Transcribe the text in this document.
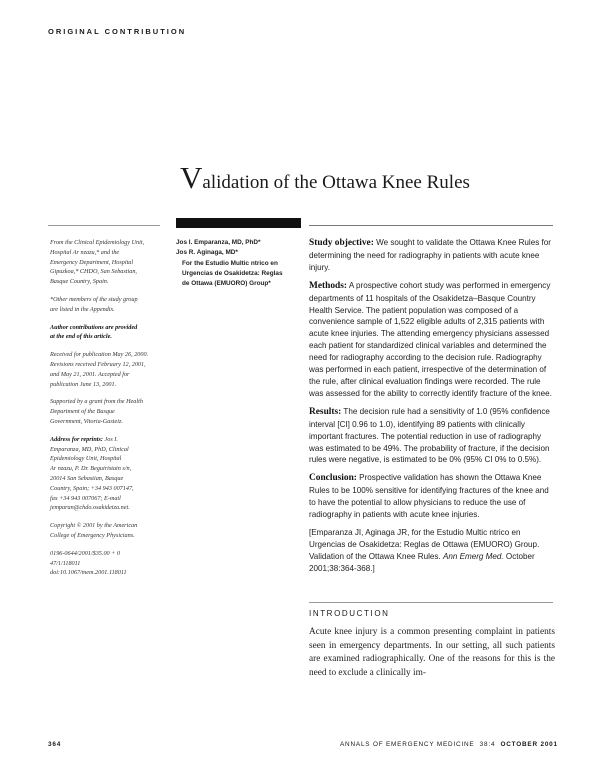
ORIGINAL CONTRIBUTION
Validation of the Ottawa Knee Rules

From the Clinical Epidemiology Unit,
Hospital Ar nzazu,* and the
Emergency Department, Hospital
Gipuzkoa,* CHDO, San Sebastian,
Basque Country, Spain.

*Other members of the study group
are listed in the Appendix.

Author contributions are provided
at the end of this article.

Received for publication May 26, 2000.
Revisions received February 12, 2001,
and May 21, 2001. Accepted for
publication June 13, 2001.

Supported by a grant from the Health
Department of the Basque
Government, Vitoria-Gasteiz.

Address for reprints: Jos I.
Emparanza, MD, PhD, Clinical
Epidemiology Unit, Hospital
Ar nzazu, P. Dr. Beguiristain s/n,
20014 San Sebastian, Basque
Country, Spain; +34 943 007147,
fax +34 943 007067; E-mail
jemparan@chdo.osakidetza.net.

Copyright © 2001 by the American
College of Emergency Physicians.

0196-0644/2001/$35.00 + 0
47/1/118011
doi:10.1067/mem.2001.118011

Jos I. Emparanza, MD, PhD*

Jos R. Aginaga, MD*

For the Estudio Multic ntrico en
Urgencias de Osakidetza: Reglas
de Ottawa (EMUORO) Group*

Study objective: We sought to validate the Ottawa Knee Rules for determining the need for radiography in patients with acute knee injury.

Methods: A prospective cohort study was performed in emergency departments of 11 hospitals of the Osakidetza–Basque Country Health Service. The patient population was composed of a convenience sample of 1,522 eligible adults of 2,315 patients with acute knee injuries. The attending emergency physicians assessed each patient for standardized clinical variables and determined the need for radiography according to the decision rule. Radiography was performed in each patient, irrespective of the determination of the rule, after clinical evaluation findings were recorded. The rule was assessed for the ability to correctly identify fracture of the knee.

Results: The decision rule had a sensitivity of 1.0 (95% confidence interval [CI] 0.96 to 1.0), identifying 89 patients with clinically important fractures. The potential reduction in use of radiography was estimated to be 49%. The probability of fracture, if the decision rules were negative, is estimated to be 0% (95% CI 0% to 0.5%).

Conclusion: Prospective validation has shown the Ottawa Knee Rules to be 100% sensitive for identifying fractures of the knee and to have the potential to allow physicians to reduce the use of radiography in patients with acute knee injuries.

[Emparanza JI, Aginaga JR, for the Estudio Multic ntrico en Urgencias de Osakidetza: Reglas de Ottawa (EMUORO) Group. Validation of the Ottawa Knee Rules. Ann Emerg Med. October 2001;38:364-368.]

INTRODUCTION
Acute knee injury is a common presenting complaint in patients seen in emergency departments. In our setting, all such patients are examined radiographically. One of the reasons for this is the need to exclude a clinically im-
364	ANNALS OF EMERGENCY MEDICINE 38:4 OCTOBER 2001
